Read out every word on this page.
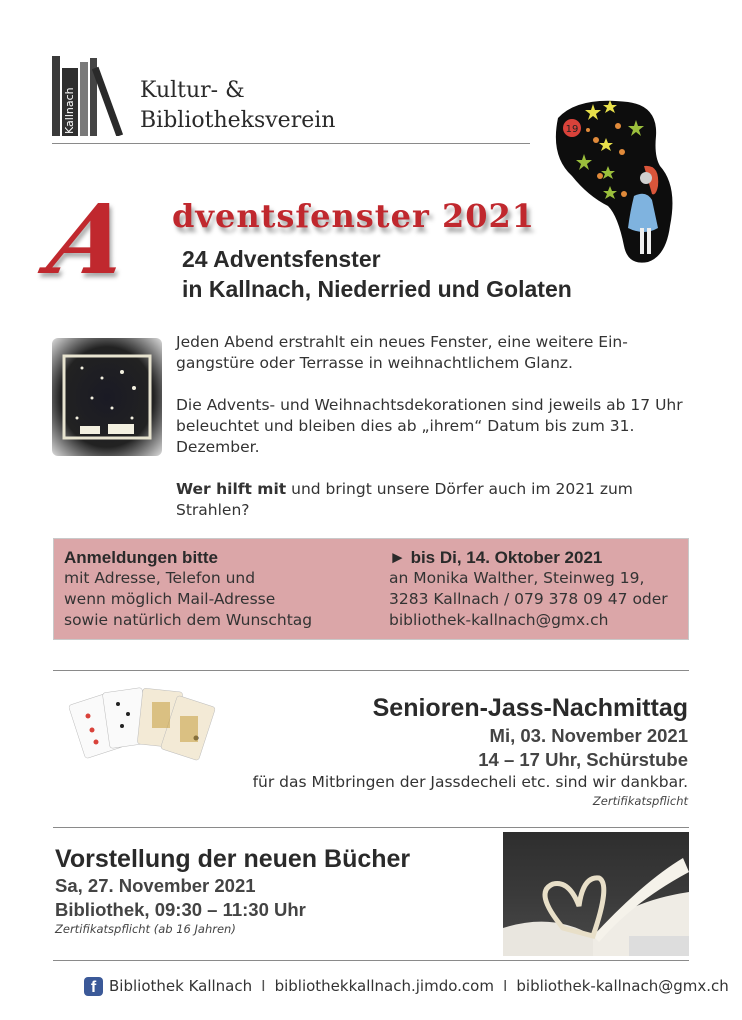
Kallnach	Kultur- &
Bibliotheksverein
A dventsfenster 2021
24 Adventsfenster
in Kallnach, Niederried und Golaten
19

Jeden Abend erstrahlt ein neues Fenster, eine weitere Ein-gangstüre oder Terrasse in weihnachtlichem Glanz.

Die Advents- und Weihnachtsdekorationen sind jeweils ab 17 Uhr beleuchtet und bleiben dies ab „ihrem“ Datum bis zum 31. Dezember.

Wer hilft mit und bringt unsere Dörfer auch im 2021 zum Strahlen?

Anmeldungen bitte
mit Adresse, Telefon und
wenn möglich Mail-Adresse
sowie natürlich dem Wunschtag
► bis Di, 14. Oktober 2021
an Monika Walther, Steinweg 19,
3283 Kallnach / 079 378 09 47 oder
bibliothek-kallnach@gmx.ch
Senioren-Jass-Nachmittag
Mi, 03. November 2021
14 – 17 Uhr, Schürstube
für das Mitbringen der Jassdecheli etc. sind wir dankbar.
Zertifikatspflicht
Vorstellung der neuen Bücher
Sa, 27. November 2021
Bibliothek, 09:30 – 11:30 Uhr
Zertifikatspflicht (ab 16 Jahren)
f Bibliothek Kallnach I bibliothekkallnach.jimdo.com I bibliothek-kallnach@gmx.ch
